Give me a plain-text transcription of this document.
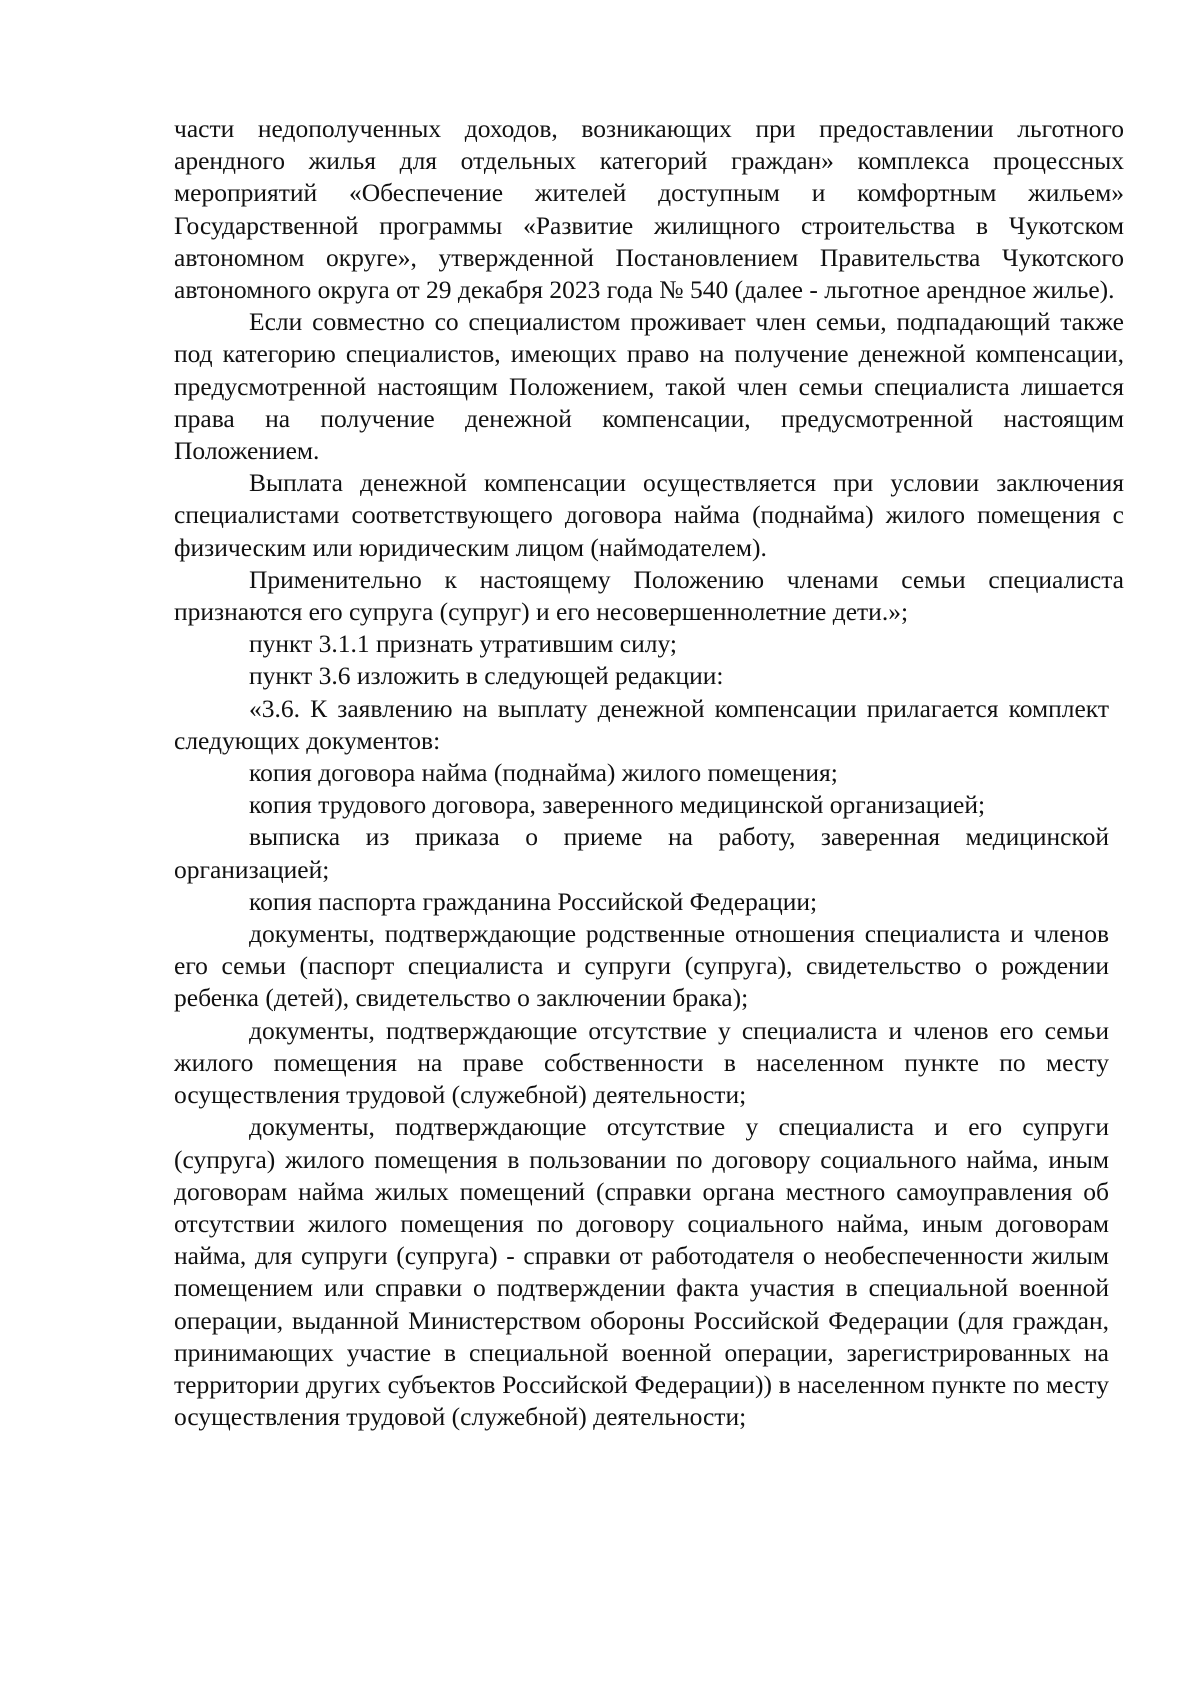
части недополученных доходов, возникающих при предоставлении льготного арендного жилья для отдельных категорий граждан» комплекса процессных мероприятий «Обеспечение жителей доступным и комфортным жильем» Государственной программы «Развитие жилищного строительства в Чукотском автономном округе», утвержденной Постановлением Правительства Чукотского автономного округа от 29 декабря 2023 года № 540 (далее - льготное арендное жилье).

Если совместно со специалистом проживает член семьи, подпадающий также под категорию специалистов, имеющих право на получение денежной компенсации, предусмотренной настоящим Положением, такой член семьи специалиста лишается права на получение денежной компенсации, предусмотренной настоящим Положением.

Выплата денежной компенсации осуществляется при условии заключения специалистами соответствующего договора найма (поднайма) жилого помещения с физическим или юридическим лицом (наймодателем).

Применительно к настоящему Положению членами семьи специалиста признаются его супруга (супруг) и его несовершеннолетние дети.»;

пункт 3.1.1 признать утратившим силу;

пункт 3.6 изложить в следующей редакции:

«3.6. К заявлению на выплату денежной компенсации прилагается комплект следующих документов:

копия договора найма (поднайма) жилого помещения;

копия трудового договора, заверенного медицинской организацией;

выписка из приказа о приеме на работу, заверенная медицинской организацией;

копия паспорта гражданина Российской Федерации;

документы, подтверждающие родственные отношения специалиста и членов его семьи (паспорт специалиста и супруги (супруга), свидетельство о рождении ребенка (детей), свидетельство о заключении брака);

документы, подтверждающие отсутствие у специалиста и членов его семьи жилого помещения на праве собственности в населенном пункте по месту осуществления трудовой (служебной) деятельности;

документы, подтверждающие отсутствие у специалиста и его супруги (супруга) жилого помещения в пользовании по договору социального найма, иным договорам найма жилых помещений (справки органа местного самоуправления об отсутствии жилого помещения по договору социального найма, иным договорам найма, для супруги (супруга) - справки от работодателя о необеспеченности жилым помещением или справки о подтверждении факта участия в специальной военной операции, выданной Министерством обороны Российской Федерации (для граждан, принимающих участие в специальной военной операции, зарегистрированных на территории других субъектов Российской Федерации)) в населенном пункте по месту осуществления трудовой (служебной) деятельности;
